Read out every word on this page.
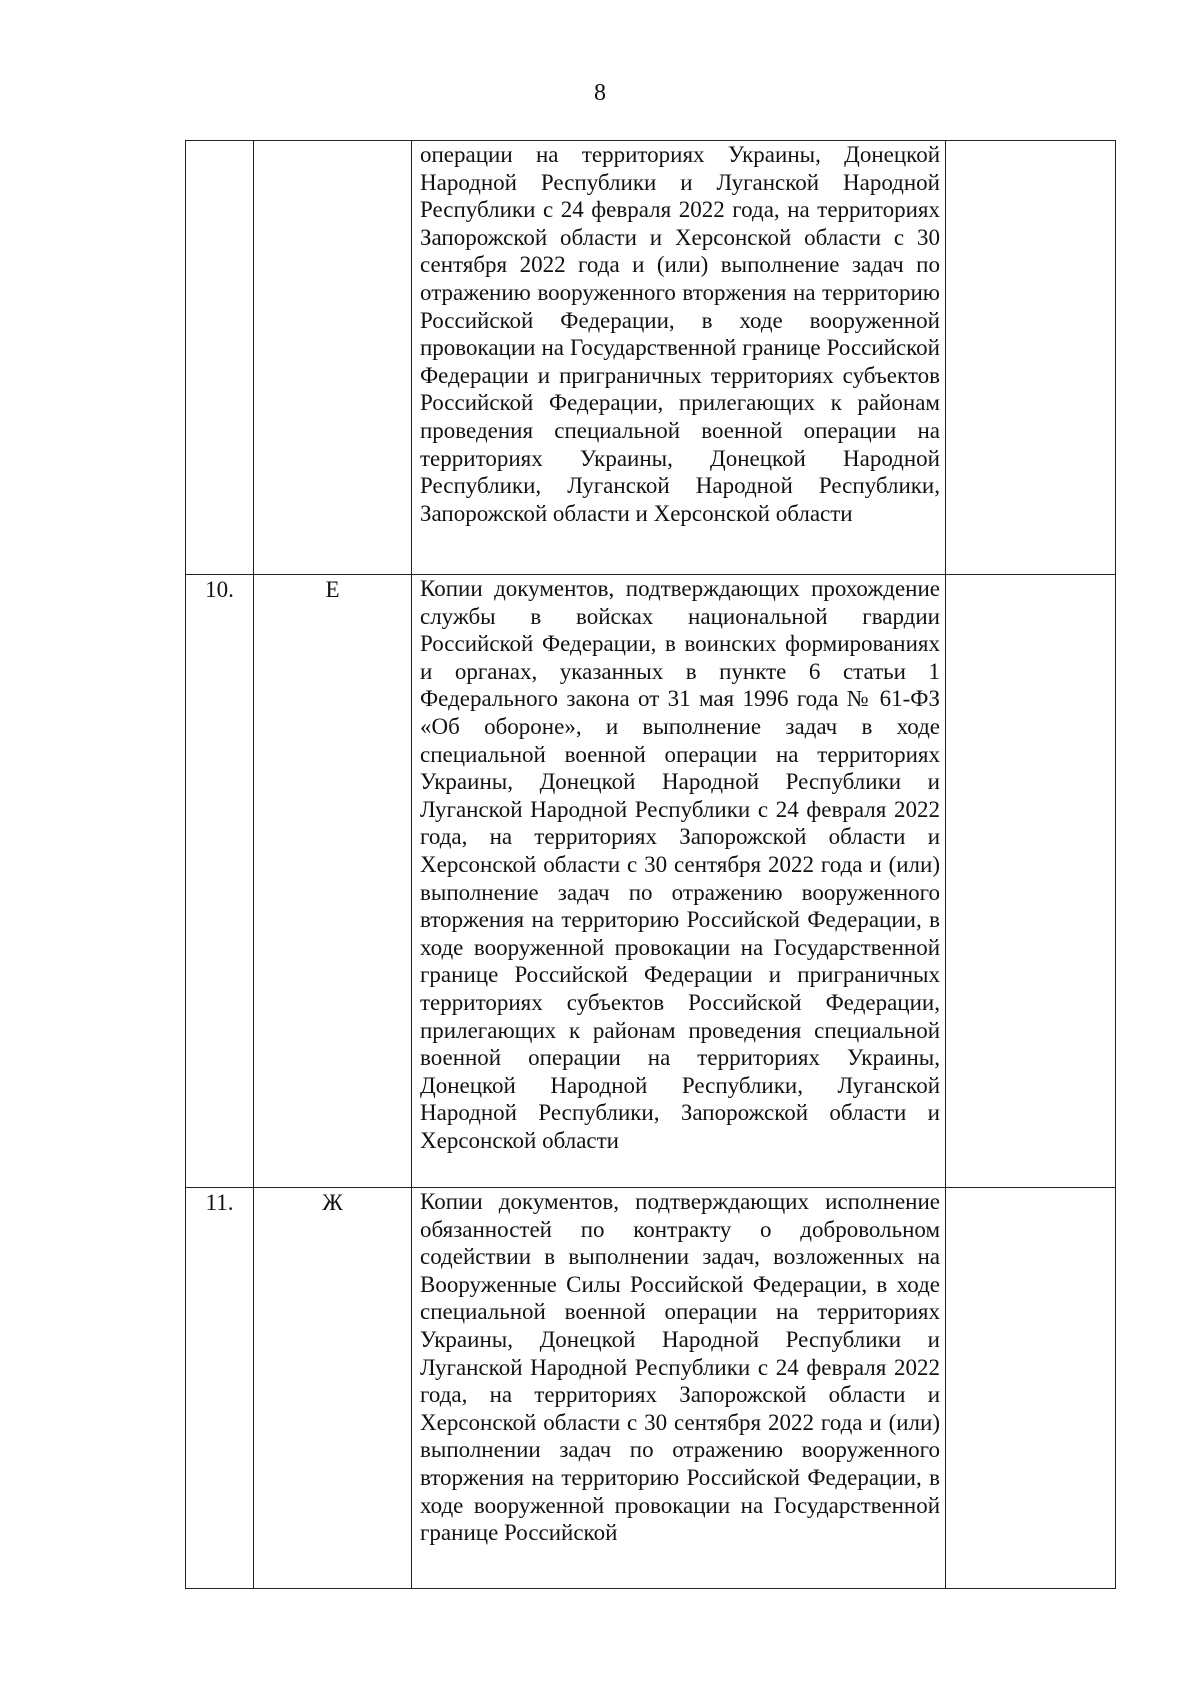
8
		операции на территориях Украины, Донецкой Народной Республики и Луганской Народной Республики с 24 февраля 2022 года, на территориях Запорожской области и Херсонской области с 30 сентября 2022 года и (или) выполнение задач по отражению вооруженного вторжения на территорию Российской Федерации, в ходе вооруженной провокации на Государственной границе Российской Федерации и приграничных территориях субъектов Российской Федерации, прилегающих к районам проведения специальной военной операции на территориях Украины, Донецкой Народной Республики, Луганской Народной Республики, Запорожской области и Херсонской области	
10.	Е	Копии документов, подтверждающих прохождение службы в войсках национальной гвардии Российской Федерации, в воинских формированиях и органах, указанных в пункте 6 статьи 1 Федерального закона от 31 мая 1996 года № 61-ФЗ «Об обороне», и выполнение задач в ходе специальной военной операции на территориях Украины, Донецкой Народной Республики и Луганской Народной Республики с 24 февраля 2022 года, на территориях Запорожской области и Херсонской области с 30 сентября 2022 года и (или) выполнение задач по отражению вооруженного вторжения на территорию Российской Федерации, в ходе вооруженной провокации на Государственной границе Российской Федерации и приграничных территориях субъектов Российской Федерации, прилегающих к районам проведения специальной военной операции на территориях Украины, Донецкой Народной Республики, Луганской Народной Республики, Запорожской области и Херсонской области	
11.	Ж	Копии документов, подтверждающих исполнение обязанностей по контракту о добровольном содействии в выполнении задач, возложенных на Вооруженные Силы Российской Федерации, в ходе специальной военной операции на территориях Украины, Донецкой Народной Республики и Луганской Народной Республики с 24 февраля 2022 года, на территориях Запорожской области и Херсонской области с 30 сентября 2022 года и (или) выполнении задач по отражению вооруженного вторжения на территорию Российской Федерации, в ходе вооруженной провокации на Государственной границе Российской	
